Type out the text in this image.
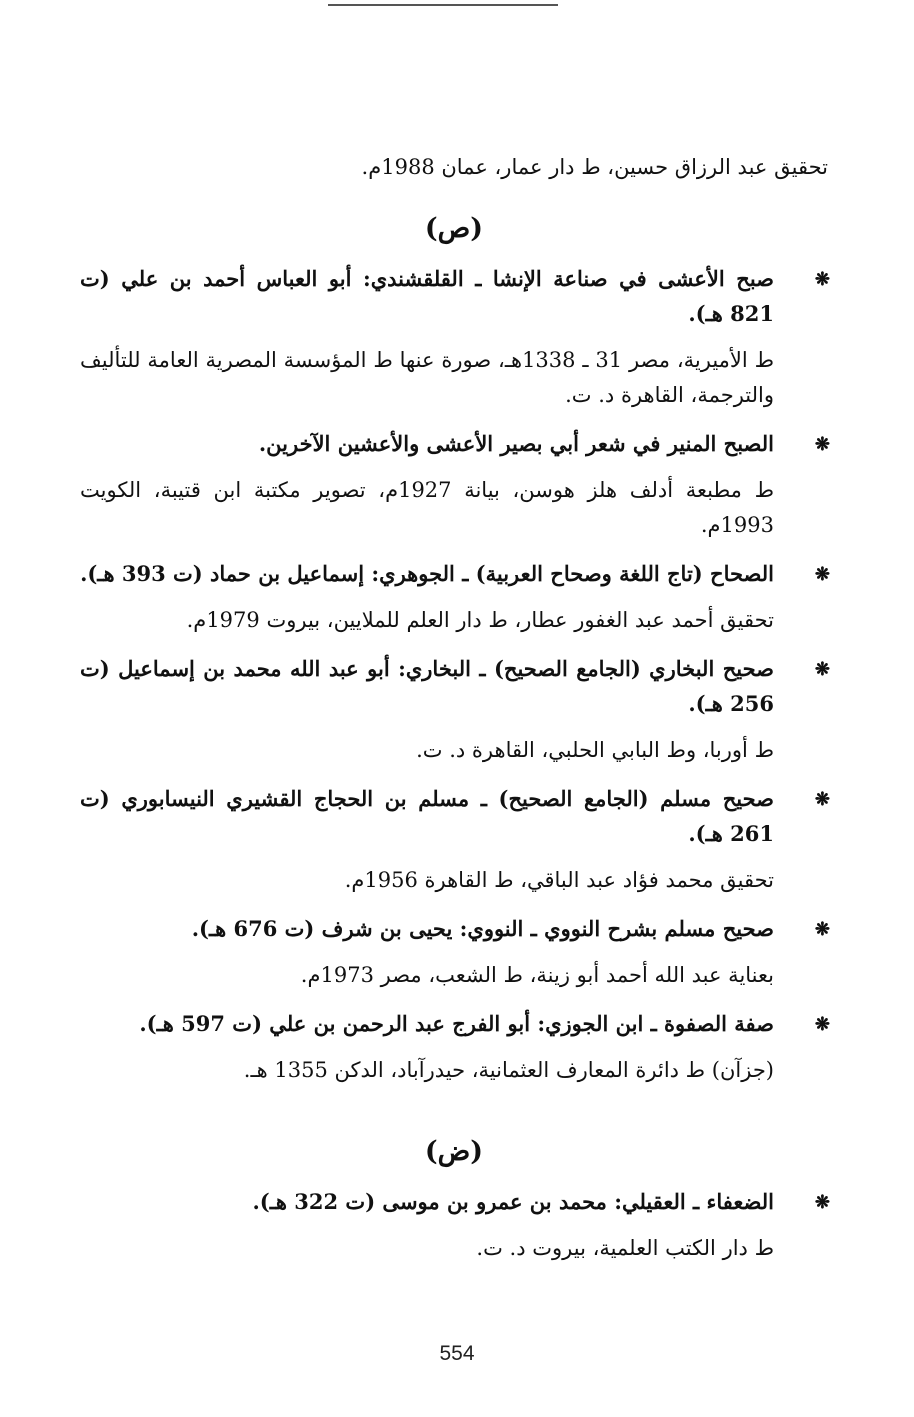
تحقيق عبد الرزاق حسين، ط دار عمار، عمان 1988م.

(ص)

❋
صبح الأعشى في صناعة الإنشا ـ القلقشندي: أبو العباس أحمد بن علي (ت 821 هـ).

ط الأميرية، مصر 31 ـ 1338هـ، صورة عنها ط المؤسسة المصرية العامة للتأليف والترجمة، القاهرة د. ت.

❋
الصبح المنير في شعر أبي بصير الأعشى والأعشين الآخرين.

ط مطبعة أدلف هلز هوسن، بيانة 1927م، تصوير مكتبة ابن قتيبة، الكويت 1993م.

❋
الصحاح (تاج اللغة وصحاح العربية) ـ الجوهري: إسماعيل بن حماد (ت 393 هـ).

تحقيق أحمد عبد الغفور عطار، ط دار العلم للملايين، بيروت 1979م.

❋
صحيح البخاري (الجامع الصحيح) ـ البخاري: أبو عبد الله محمد بن إسماعيل (ت 256 هـ).

ط أوربا، وط البابي الحلبي، القاهرة د. ت.

❋
صحيح مسلم (الجامع الصحيح) ـ مسلم بن الحجاج القشيري النيسابوري (ت 261 هـ).

تحقيق محمد فؤاد عبد الباقي، ط القاهرة 1956م.

❋
صحيح مسلم بشرح النووي ـ النووي: يحيى بن شرف (ت 676 هـ).

بعناية عبد الله أحمد أبو زينة، ط الشعب، مصر 1973م.

❋
صفة الصفوة ـ ابن الجوزي: أبو الفرج عبد الرحمن بن علي (ت 597 هـ).

(جزآن) ط دائرة المعارف العثمانية، حيدرآباد، الدكن 1355 هـ.

(ض)

❋
الضعفاء ـ العقيلي: محمد بن عمرو بن موسى (ت 322 هـ).

ط دار الكتب العلمية، بيروت د. ت.

554
